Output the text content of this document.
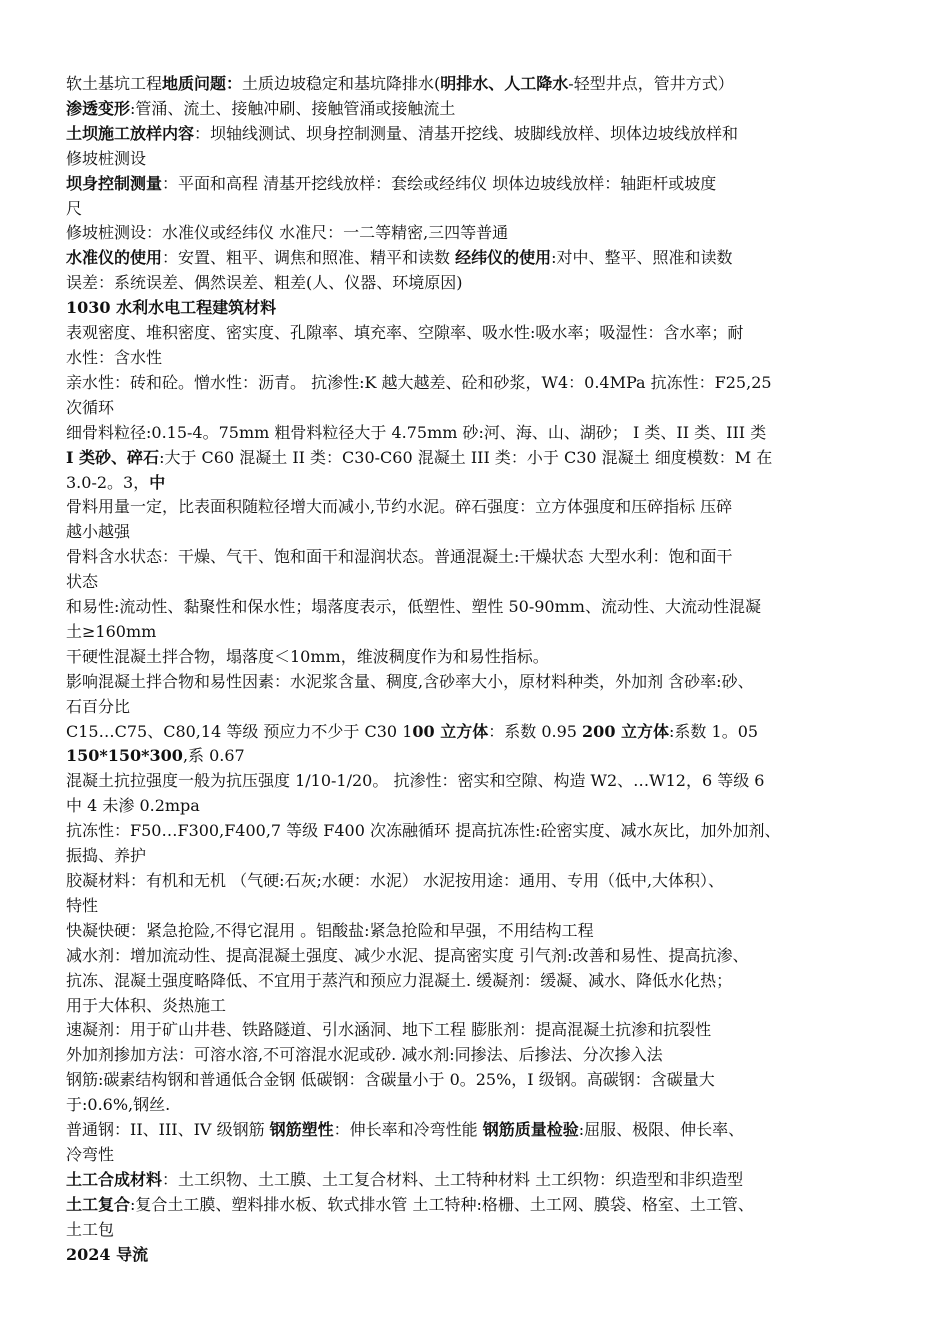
软土基坑工程地质问题：土质边坡稳定和基坑降排水(明排水、人工降水-轻型井点，管井方式）
渗透变形:管涌、流土、接触冲刷、接触管涌或接触流土
土坝施工放样内容：坝轴线测试、坝身控制测量、清基开挖线、坡脚线放样、坝体边坡线放样和
修坡桩测设
坝身控制测量：平面和高程 清基开挖线放样：套绘或经纬仪 坝体边坡线放样：轴距杆或坡度
尺
修坡桩测设：水准仪或经纬仪 水准尺：一二等精密,三四等普通
水准仪的使用：安置、粗平、调焦和照准、精平和读数 经纬仪的使用:对中、整平、照准和读数
误差：系统误差、偶然误差、粗差(人、仪器、环境原因)
1030 水利水电工程建筑材料
表观密度、堆积密度、密实度、孔隙率、填充率、空隙率、吸水性:吸水率；吸湿性：含水率；耐
水性：含水性
亲水性：砖和砼。憎水性：沥青。 抗渗性:K 越大越差、砼和砂浆，W4：0.4MPa 抗冻性：F25,25
次循环
细骨料粒径:0.15-4。75mm 粗骨料粒径大于 4.75mm 砂:河、海、山、湖砂； I 类、II 类、III 类
I 类砂、碎石:大于 C60 混凝土 II 类：C30-C60 混凝土 III 类：小于 C30 混凝土 细度模数：M 在
3.0-2。3，中
骨料用量一定，比表面积随粒径增大而减小,节约水泥。碎石强度：立方体强度和压碎指标 压碎
越小越强
骨料含水状态：干燥、气干、饱和面干和湿润状态。普通混凝土:干燥状态 大型水利：饱和面干
状态
和易性:流动性、黏聚性和保水性；塌落度表示，低塑性、塑性 50-90mm、流动性、大流动性混凝
土≥160mm
干硬性混凝土拌合物，塌落度＜10mm，维波稠度作为和易性指标。
影响混凝土拌合物和易性因素：水泥浆含量、稠度,含砂率大小，原材料种类，外加剂 含砂率:砂、
石百分比
C15…C75、C80,14 等级 预应力不少于 C30 100 立方体：系数 0.95 200 立方体:系数 1。05
150*150*300,系 0.67
混凝土抗拉强度一般为抗压强度 1/10-1/20。 抗渗性：密实和空隙、构造 W2、…W12，6 等级 6
中 4 未渗 0.2mpa
抗冻性：F50…F300,F400,7 等级 F400 次冻融循环 提高抗冻性:砼密实度、减水灰比，加外加剂、
振捣、养护
胶凝材料：有机和无机 （气硬:石灰;水硬：水泥） 水泥按用途：通用、专用（低中,大体积）、
特性
快凝快硬：紧急抢险,不得它混用 。铝酸盐:紧急抢险和早强，不用结构工程
减水剂：增加流动性、提高混凝土强度、减少水泥、提高密实度 引气剂:改善和易性、提高抗渗、
抗冻、混凝土强度略降低、不宜用于蒸汽和预应力混凝土. 缓凝剂：缓凝、减水、降低水化热；
用于大体积、炎热施工
速凝剂：用于矿山井巷、铁路隧道、引水涵洞、地下工程 膨胀剂：提高混凝土抗渗和抗裂性
外加剂掺加方法：可溶水溶,不可溶混水泥或砂. 减水剂:同掺法、后掺法、分次掺入法
钢筋:碳素结构钢和普通低合金钢 低碳钢：含碳量小于 0。25%，I 级钢。高碳钢：含碳量大
于:0.6%,钢丝.
普通钢：II、III、IV 级钢筋 钢筋塑性：伸长率和冷弯性能 钢筋质量检验:屈服、极限、伸长率、
冷弯性
土工合成材料：土工织物、土工膜、土工复合材料、土工特种材料 土工织物：织造型和非织造型
土工复合:复合土工膜、塑料排水板、软式排水管 土工特种:格栅、土工网、膜袋、格室、土工管、
土工包
2024 导流
